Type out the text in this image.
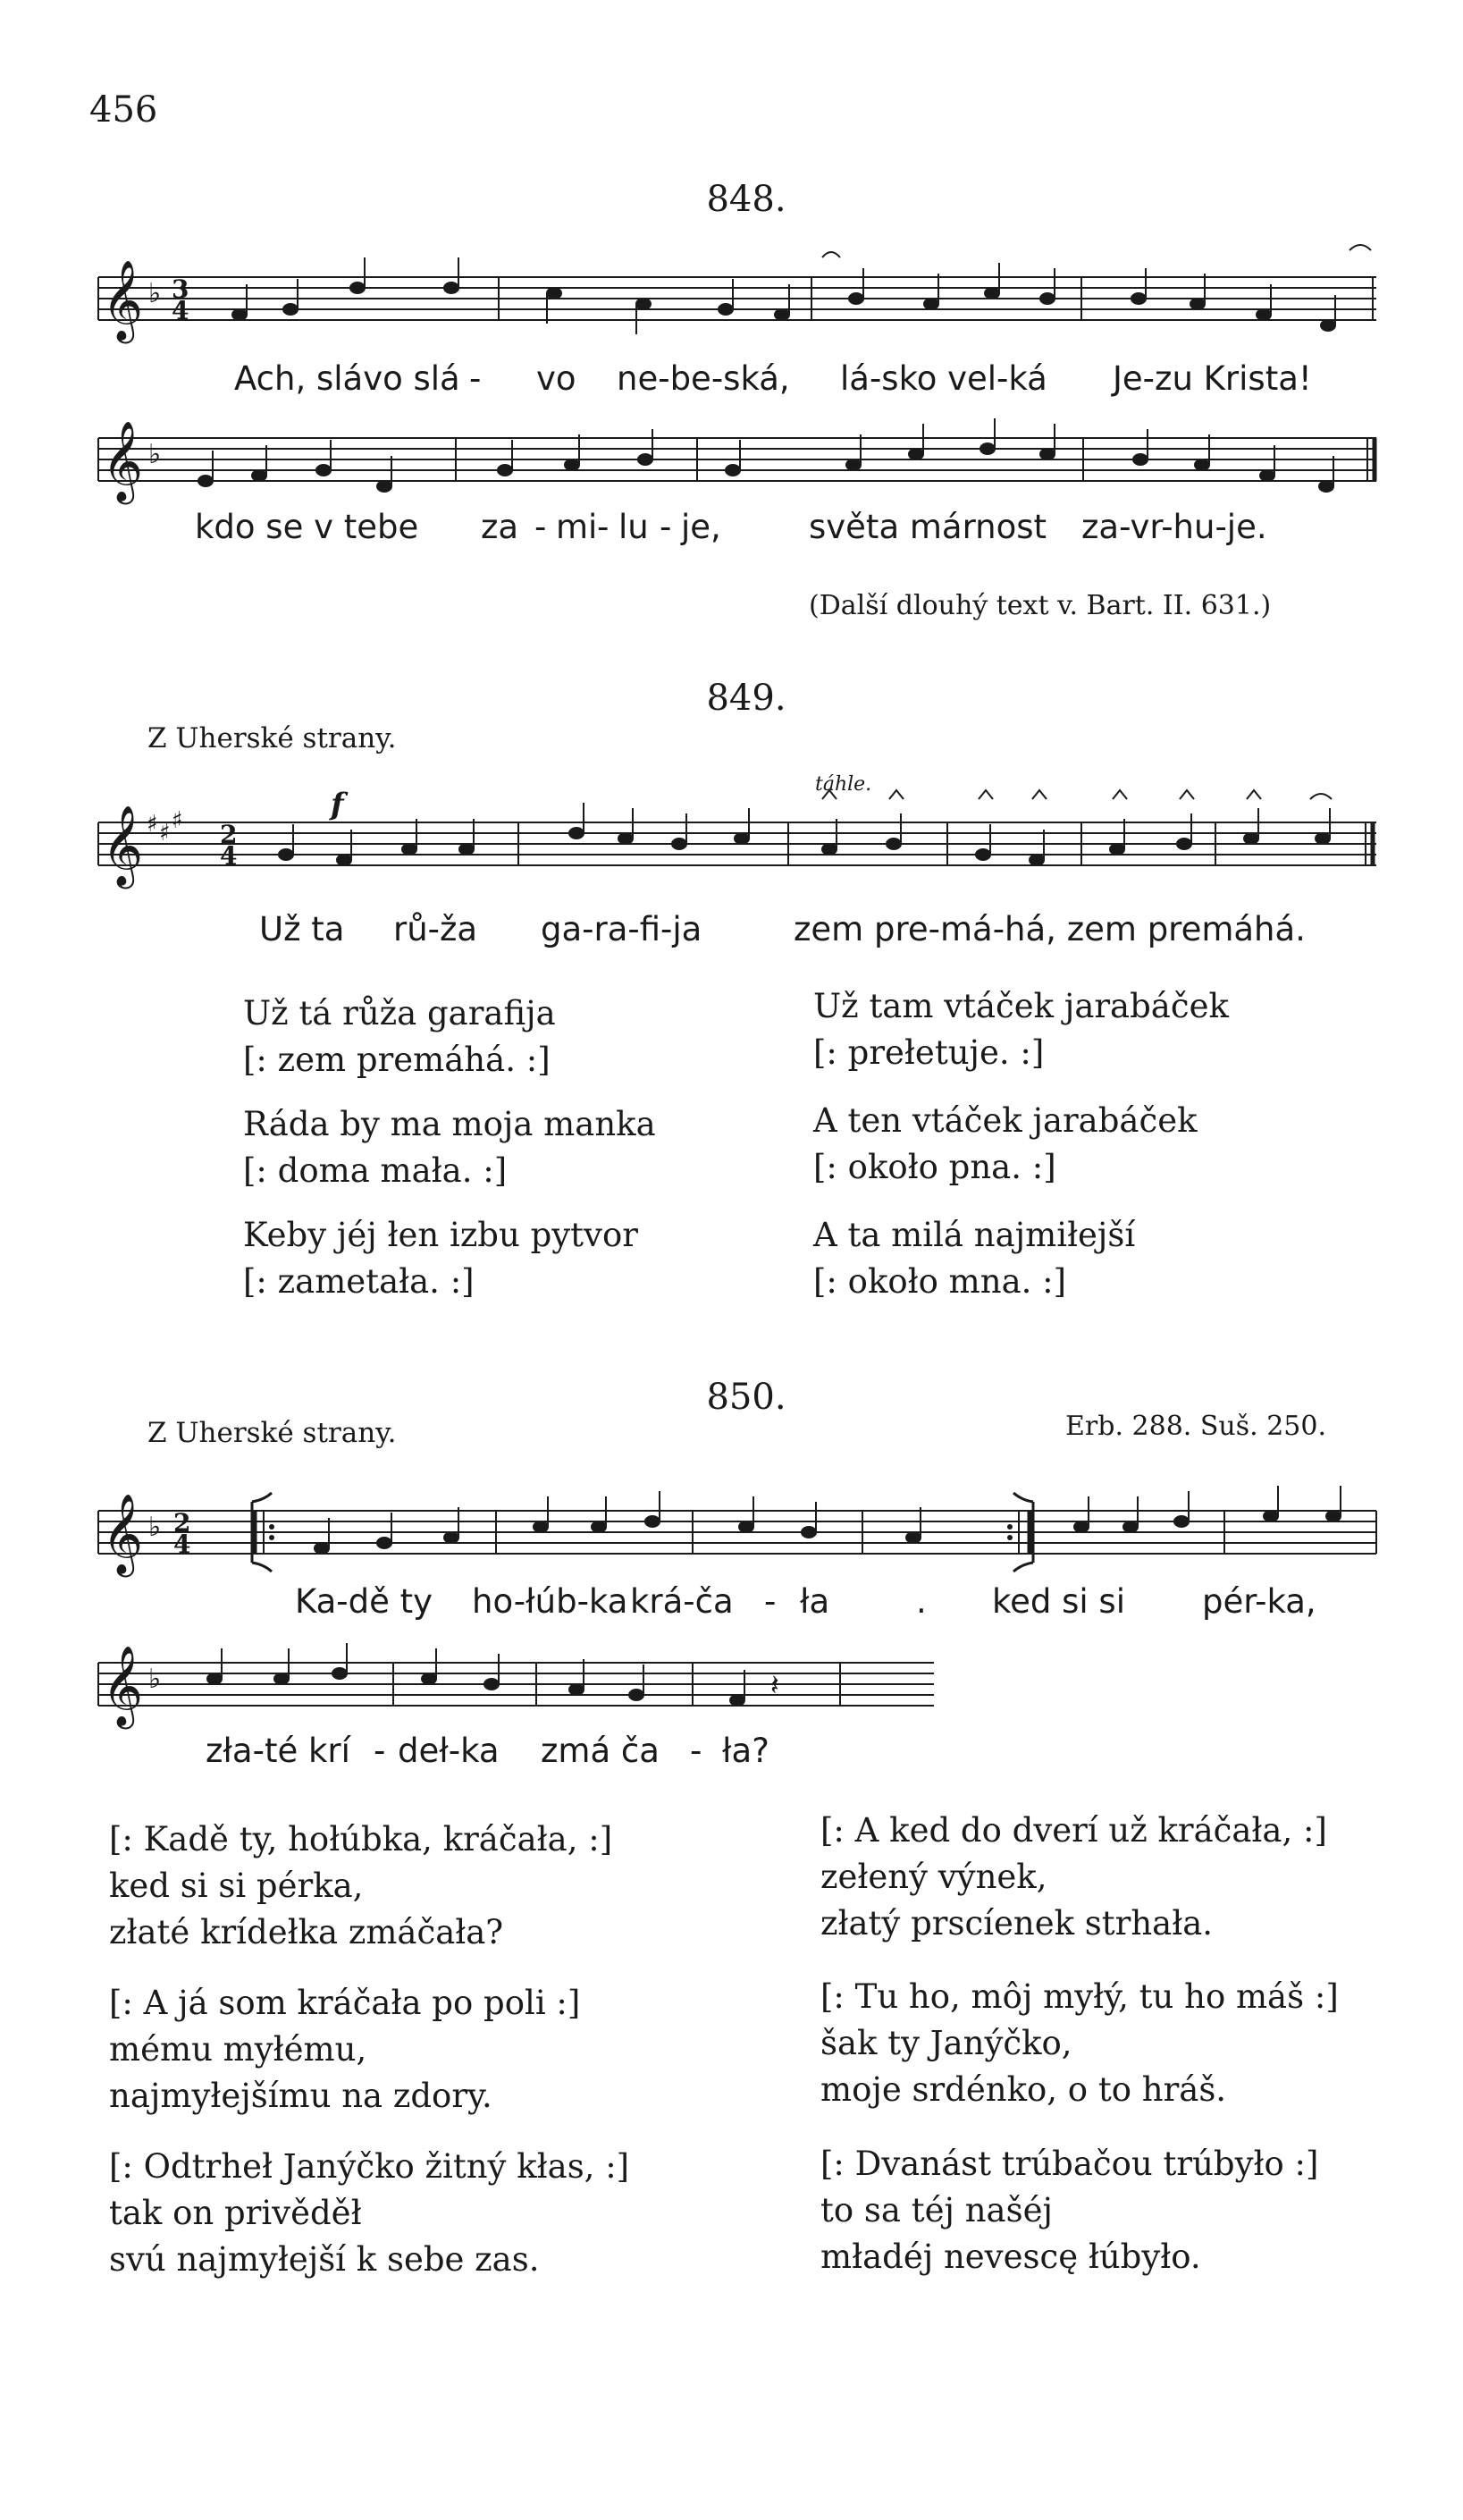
456
848.
𝄞 ♭ 3
4
Ach, slávo slá - vo ne-be-ská, lá-sko vel-ká Je-zu Krista!
𝄞 ♭
kdo se v tebe za - mi - lu - je,	světa márnost za-vr-hu-je.
(Další dlouhý text v. Bart. II. 631.)
849.
Z Uherské strany.
táhle.
f
𝄞 ♯ ♯ ♯ 2
4
Už ta rů-ža ga-ra-fi-ja	zem pre-má-há, zem premáhá.
Už tá růža garafija
[: zem premáhá. :]
Ráda by ma moja manka
[: doma mała. :]
Keby jéj łen izbu pytvor
[: zametała. :]
Už tam vtáček jarabáček
[: prełetuje. :]
A ten vtáček jarabáček
[: około pna. :]
A ta milá najmiłejší
[: około mna. :]
850.
Z Uherské strany.	Erb. 288. Suš. 250.
𝄞 ♭ 2
4
Ka-dě ty ho-łúb-ka krá-ča - ła	. ked si si pér-ka,
𝄞 ♭	𝄽
zła-té krí - deł-ka zmá ča - ła?
[: Kadě ty, hołúbka, kráčała, :]
ked si si pérka,
złaté krídełka zmáčała?
[: A já som kráčała po poli :]
mému myłému,
najmyłejšímu na zdory.
[: Odtrheł Janýčko žitný kłas, :]
tak on privěděł
svú najmyłejší k sebe zas.
[: A ked do dverí už kráčała, :]
zełený výnek,
złatý prscíenek strhała.
[: Tu ho, môj myłý, tu ho máš :]
šak ty Janýčko,
moje srdénko, o to hráš.
[: Dvanást trúbačou trúbyło :]
to sa téj našéj
mładéj nevescę łúbyło.
